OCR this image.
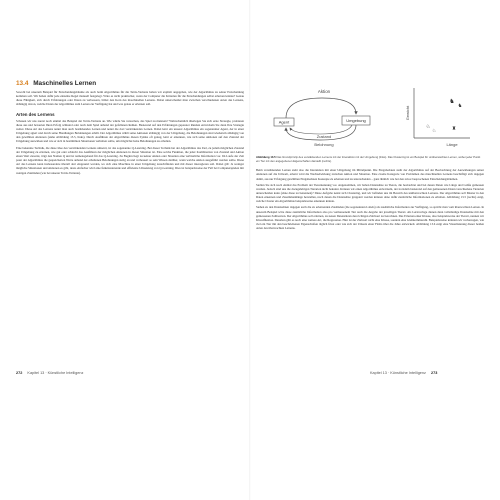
13.4 Maschinelles Lernen

Sowohl bei unserem Beispiel für Entscheidungsbäume als auch beim Algorithmus für die Tetris-Variante haben wir explizit angegeben, wie der Algorithmus zu seiner Entscheidung kommen soll. Wir haben dafür jede einzelne Regel manuell festgelegt. Wäre es nicht praktischer, wenn der Computer die Kriterien für die Entscheidungen selbst erlernen könnte? Genau diese Fähigkeit, sich durch Erfahrungen oder Daten zu verbessern, bildet den Kern des maschinellen Lernens. Dabei unterscheidet man zwischen verschiedenen Arten des Lernens, abhängig davon, welche Daten der Algorithmus zum Lernen zur Verfügung hat und was genau er erlernen soll.

Arten des Lernens

Schauen wir uns zuerst noch einmal das Beispiel der Tetris-Variante an. Wie würde Sie versuchen, das Spiel zu meistern? Wahrscheinlich überlegen Sie sich erste Strategie, probieren diese aus und bewerten Ihren Erfolg während oder nach dem Spiel anhand der gefallenen Reihen. Basierend auf den Erfahrungen gepasster Runden entwickeln Sie dann Ihre Strategie weiter. Diese Art des Lernens nennt man auch bestärkendes Lernen und nennt die dort verstärkenden Lernen. Dabei lernt ein unserer Algorithmus ein sogenannter Agent, der in einer Umgebung agiert und durch seine Handlungen Belohnungen erhält. Der Algorithmus wählt seine Aktionen abhängig von der Umgebung, die Belohnungen sind wiederum abhängig von den gewählten Aktionen (siehe Abbildung 13.5, links). Durch Ausführen der Algorithmus diesen Zyklus oft genug, lernt er erkennen, wie sich seine Aktionen auf den Zustand der Umgebung auswirken und wie er sich in bestimmten Situationen verhalten sollte, um möglichst hohe Belohnungen zu erhalten.

Eine bekannte Technik, die diese Idee des verstärkenden Lernens umsetzt, ist das sogenannte Q-Learning. Bei dieser Technik hat der Algorithmus das Ziel, zu jedem möglichen Zustand der Umgebung zu erlernen, wie gut oder schlecht das Ausführen der möglichen Aktionen in dieser Situation ist. Eine solche Funktion, die jeder Kombination von Zustand und Aktion einen Wert zuweist, trägt den Namen Q und ist namensgebend für das Q-Learning. Zu Beginn liegt zu keiner Aktion oder Situation eine verlässliche Information vor. Im Laufe der Zeit passt der Algorithmus die gespeicherten Werte anhand der erhaltenen Belohnungen stetig an und verbessert so sein Wissen darüber, wann welche Aktion ausgeführt werden sollte. Diese Art des Lernens kann insbesondere überall dort eingesetzt werden, wo sich eine Maschine in einer Umgebung zurechtfinden und mit dieser interagieren soll. Dabei gilt: Je weniger mögliche Situationen und Aktionen es gibt, desto einfacher wird eine funktionierende und effiziente Umsetzung von Q-Learning. Dies ist beispielsweise der Fall bei Computerspielen mit wenigen Zuständen (wie bei unserer Tetris-Variante).

272 Kapitel 13 · Künstliche Intelligenz
Aktion
Agent	Umgebung
Zustand
Belohnung
Gewicht
Länge
♞
♞
♘
♘	♜
Abbildung 13.5 Das Grundprinzip des verstärkenden Lernens mit der Interaktion mit der Umgebung (links). Das Clustering ist ein Beispiel für unüberwachtes Lernen, wobei jeder Punkt ein Tier mit den angegebenen Eigenschaften darstellt (rechts).

Beim verstärkenden Lernen steht also die Interaktion mit einer Umgebung im Mittelpunkt. Die Eingabedaten steht der Algorithmus auf der Beobachtung der Auswirkungen seiner Aktionen auf die Umwelt, erlernt wird die Wechselwirkung zwischen Aktion und Situation. Eine zweite Kategorie von Problemen des maschinellen Lernens beschäftigt sich dagegen damit, aus nur Erfolgung gewählten Eingabedaten Konzepte zu erlernen und zu unterscheiden – ganz ähnlich wie bei den zuvor besprochenen Entscheidungsbäumen.

Stellen Sie sich noch einmal das Problem der Tiererkennung vor. Angenommen, wir haben Datensätze zu Tieren, die beobachtet und bei denen Daten wie Länge und Größe gemessen wurden. Jedoch sind uns die dazugehörigen Tierarten nicht bekannt. Können wir einen Algorithmus entwickeln, der trotzdem basierend auf den gemessenen Daten verschiedene Tierarten unterscheiden kann (ohne diese zu benennen)? Diese Aufgabe nennt sich Clustering, und wir befinden uns im Bereich des unüberwachten Lernens. Der Algorithmus soll Muster in den Daten erkennen und Zusammenhänge herstellen, nach denen die Datensätze gruppiert werden können ohne dafür zusätzliche Informationen zu erhalten. Abbildung 13.5 (rechts) zeigt, welche Cluster ein Algorithmus beispielsweise erkennen könnte.

Stehen zu den Datensätzen dagegen auch die zu erlernenden Zuständen (die sogenannten Labels) als zusätzliche Information zur Verfügung, so spricht man vom überwachten Lernen. In unserem Beispiel wäre diese zusätzliche Information also pro vermessenem Tier auch die Angabe der jeweiligen Tierart. Als Lernvorlage dienen dann vollständige Datensätze mit den gemessenen Zahlwerten. Der Algorithmus soll erlernen, zu neuen Datensätzen den richtigen Zahlwert zu berechnen. Das Erlernen einer Klasse, also beispielsweise der Tierart, nennen wir Klassifikation. Daneben gibt es noch eine weitere Art, die Regression. Hier ist der Zielwert nicht eine Klasse, sondern eine Gleitkommazahl. Beispielsweise könnten wir vorhersagen, wie viel ein Tier mit den beschriebenen Eigenschaften täglich frisst oder wie sich der Umsatz einer Firma über die Jahre entwickelt. Abbildung 13.6 zeigt eine Visualisierung dieser beiden Arten des überwachten Lernens.

Kapitel 13 · Künstliche Intelligenz 273
